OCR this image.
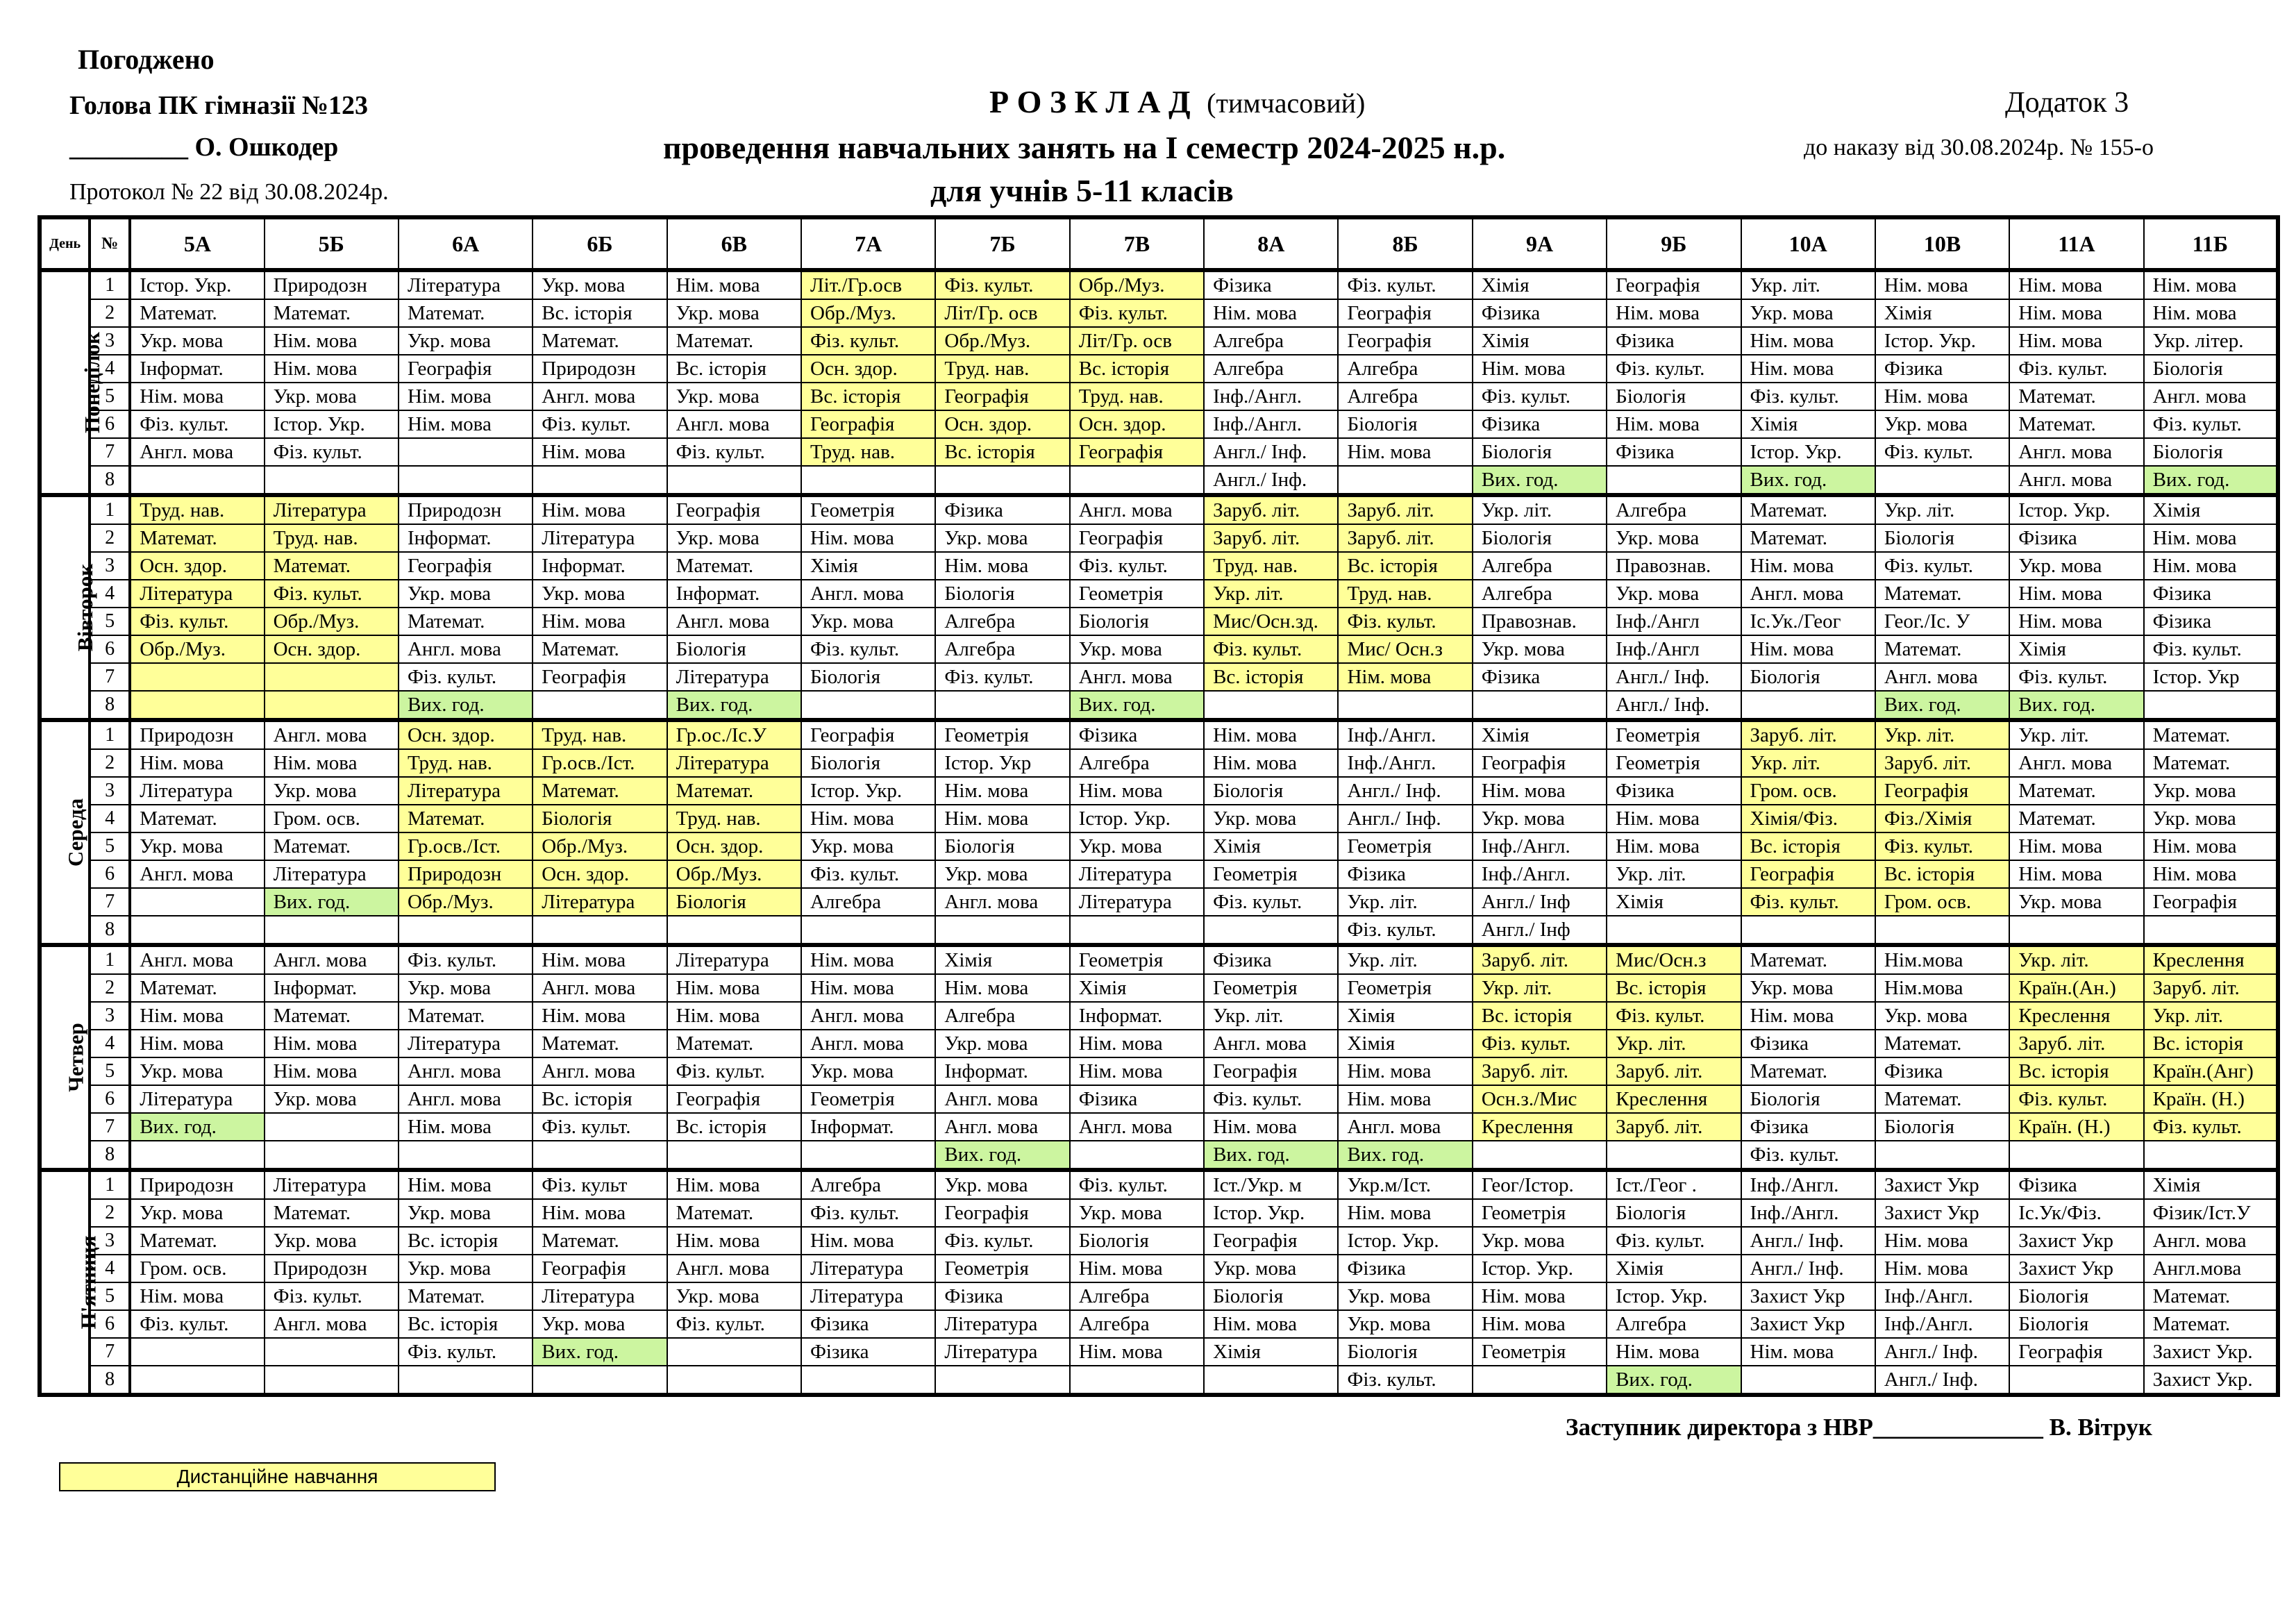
Погоджено
Голова ПК гімназії №123
_________ О. Ошкодер
Протокол № 22 від 30.08.2024р.
Р О З К Л А Д (тимчасовий)
проведення навчальних занять на І семестр 2024-2025 н.р.
для учнів 5-11 класів
Додаток 3
до наказу від 30.08.2024р. № 155-о
День	№	5А	5Б	6А	6Б	6В	7А	7Б	7В	8А	8Б	9А	9Б	10А	10В	11А	11Б
Понеділок	1	Істор. Укр.	Природозн	Література	Укр. мова	Нім. мова	Літ./Гр.осв	Фіз. культ.	Обр./Муз.	Фізика	Фіз. культ.	Хімія	Географія	Укр. літ.	Нім. мова	Нім. мова	Нім. мова
	2	Математ.	Математ.	Математ.	Вс. історія	Укр. мова	Обр./Муз.	Літ/Гр. осв	Фіз. культ.	Нім. мова	Географія	Фізика	Нім. мова	Укр. мова	Хімія	Нім. мова	Нім. мова
	3	Укр. мова	Нім. мова	Укр. мова	Математ.	Математ.	Фіз. культ.	Обр./Муз.	Літ/Гр. осв	Алгебра	Географія	Хімія	Фізика	Нім. мова	Істор. Укр.	Нім. мова	Укр. літер.
	4	Інформат.	Нім. мова	Географія	Природозн	Вс. історія	Осн. здор.	Труд. нав.	Вс. історія	Алгебра	Алгебра	Нім. мова	Фіз. культ.	Нім. мова	Фізика	Фіз. культ.	Біологія
	5	Нім. мова	Укр. мова	Нім. мова	Англ. мова	Укр. мова	Вс. історія	Географія	Труд. нав.	Інф./Англ.	Алгебра	Фіз. культ.	Біологія	Фіз. культ.	Нім. мова	Математ.	Англ. мова
	6	Фіз. культ.	Істор. Укр.	Нім. мова	Фіз. культ.	Англ. мова	Географія	Осн. здор.	Осн. здор.	Інф./Англ.	Біологія	Фізика	Нім. мова	Хімія	Укр. мова	Математ.	Фіз. культ.
	7	Англ. мова	Фіз. культ.		Нім. мова	Фіз. культ.	Труд. нав.	Вс. історія	Географія	Англ./ Інф.	Нім. мова	Біологія	Фізика	Істор. Укр.	Фіз. культ.	Англ. мова	Біологія
	8									Англ./ Інф.		Вих. год.		Вих. год.		Англ. мова	Вих. год.
Вівторок	1	Труд. нав.	Література	Природозн	Нім. мова	Географія	Геометрія	Фізика	Англ. мова	Заруб. літ.	Заруб. літ.	Укр. літ.	Алгебра	Математ.	Укр. літ.	Істор. Укр.	Хімія
	2	Математ.	Труд. нав.	Інформат.	Література	Укр. мова	Нім. мова	Укр. мова	Географія	Заруб. літ.	Заруб. літ.	Біологія	Укр. мова	Математ.	Біологія	Фізика	Нім. мова
	3	Осн. здор.	Математ.	Географія	Інформат.	Математ.	Хімія	Нім. мова	Фіз. культ.	Труд. нав.	Вс. історія	Алгебра	Правознав.	Нім. мова	Фіз. культ.	Укр. мова	Нім. мова
	4	Література	Фіз. культ.	Укр. мова	Укр. мова	Інформат.	Англ. мова	Біологія	Геометрія	Укр. літ.	Труд. нав.	Алгебра	Укр. мова	Англ. мова	Математ.	Нім. мова	Фізика
	5	Фіз. культ.	Обр./Муз.	Математ.	Нім. мова	Англ. мова	Укр. мова	Алгебра	Біологія	Мис/Осн.зд.	Фіз. культ.	Правознав.	Інф./Англ	Іс.Ук./Геог	Геог./Іс. У	Нім. мова	Фізика
	6	Обр./Муз.	Осн. здор.	Англ. мова	Математ.	Біологія	Фіз. культ.	Алгебра	Укр. мова	Фіз. культ.	Мис/ Осн.з	Укр. мова	Інф./Англ	Нім. мова	Математ.	Хімія	Фіз. культ.
	7			Фіз. культ.	Географія	Література	Біологія	Фіз. культ.	Англ. мова	Вс. історія	Нім. мова	Фізика	Англ./ Інф.	Біологія	Англ. мова	Фіз. культ.	Істор. Укр
	8			Вих. год.		Вих. год.			Вих. год.				Англ./ Інф.		Вих. год.	Вих. год.	
Середа	1	Природозн	Англ. мова	Осн. здор.	Труд. нав.	Гр.ос./Іс.У	Географія	Геометрія	Фізика	Нім. мова	Інф./Англ.	Хімія	Геометрія	Заруб. літ.	Укр. літ.	Укр. літ.	Математ.
	2	Нім. мова	Нім. мова	Труд. нав.	Гр.осв./Іст.	Література	Біологія	Істор. Укр	Алгебра	Нім. мова	Інф./Англ.	Географія	Геометрія	Укр. літ.	Заруб. літ.	Англ. мова	Математ.
	3	Література	Укр. мова	Література	Математ.	Математ.	Істор. Укр.	Нім. мова	Нім. мова	Біологія	Англ./ Інф.	Нім. мова	Фізика	Гром. осв.	Географія	Математ.	Укр. мова
	4	Математ.	Гром. осв.	Математ.	Біологія	Труд. нав.	Нім. мова	Нім. мова	Істор. Укр.	Укр. мова	Англ./ Інф.	Укр. мова	Нім. мова	Хімія/Фіз.	Фіз./Хімія	Математ.	Укр. мова
	5	Укр. мова	Математ.	Гр.осв./Іст.	Обр./Муз.	Осн. здор.	Укр. мова	Біологія	Укр. мова	Хімія	Геометрія	Інф./Англ.	Нім. мова	Вс. історія	Фіз. культ.	Нім. мова	Нім. мова
	6	Англ. мова	Література	Природозн	Осн. здор.	Обр./Муз.	Фіз. культ.	Укр. мова	Література	Геометрія	Фізика	Інф./Англ.	Укр. літ.	Географія	Вс. історія	Нім. мова	Нім. мова
	7		Вих. год.	Обр./Муз.	Література	Біологія	Алгебра	Англ. мова	Література	Фіз. культ.	Укр. літ.	Англ./ Інф	Хімія	Фіз. культ.	Гром. осв.	Укр. мова	Географія
	8										Фіз. культ.	Англ./ Інф					
Четвер	1	Англ. мова	Англ. мова	Фіз. культ.	Нім. мова	Література	Нім. мова	Хімія	Геометрія	Фізика	Укр. літ.	Заруб. літ.	Мис/Осн.з	Математ.	Нім.мова	Укр. літ.	Креслення
	2	Математ.	Інформат.	Укр. мова	Англ. мова	Нім. мова	Нім. мова	Нім. мова	Хімія	Геометрія	Геометрія	Укр. літ.	Вс. історія	Укр. мова	Нім.мова	Країн.(Ан.)	Заруб. літ.
	3	Нім. мова	Математ.	Математ.	Нім. мова	Нім. мова	Англ. мова	Алгебра	Інформат.	Укр. літ.	Хімія	Вс. історія	Фіз. культ.	Нім. мова	Укр. мова	Креслення	Укр. літ.
	4	Нім. мова	Нім. мова	Література	Математ.	Математ.	Англ. мова	Укр. мова	Нім. мова	Англ. мова	Хімія	Фіз. культ.	Укр. літ.	Фізика	Математ.	Заруб. літ.	Вс. історія
	5	Укр. мова	Нім. мова	Англ. мова	Англ. мова	Фіз. культ.	Укр. мова	Інформат.	Нім. мова	Географія	Нім. мова	Заруб. літ.	Заруб. літ.	Математ.	Фізика	Вс. історія	Країн.(Анг)
	6	Література	Укр. мова	Англ. мова	Вс. історія	Географія	Геометрія	Англ. мова	Фізика	Фіз. культ.	Нім. мова	Осн.з./Мис	Креслення	Біологія	Математ.	Фіз. культ.	Країн. (Н.)
	7	Вих. год.		Нім. мова	Фіз. культ.	Вс. історія	Інформат.	Англ. мова	Англ. мова	Нім. мова	Англ. мова	Креслення	Заруб. літ.	Фізика	Біологія	Країн. (Н.)	Фіз. культ.
	8							Вих. год.		Вих. год.	Вих. год.			Фіз. культ.			
П'ятниця	1	Природозн	Література	Нім. мова	Фіз. культ	Нім. мова	Алгебра	Укр. мова	Фіз. культ.	Іст./Укр. м	Укр.м/Іст.	Геог/Істор.	Іст./Геог .	Інф./Англ.	Захист Укр	Фізика	Хімія
	2	Укр. мова	Математ.	Укр. мова	Нім. мова	Математ.	Фіз. культ.	Географія	Укр. мова	Істор. Укр.	Нім. мова	Геометрія	Біологія	Інф./Англ.	Захист Укр	Іс.Ук/Фіз.	Фізик/Іст.У
	3	Математ.	Укр. мова	Вс. історія	Математ.	Нім. мова	Нім. мова	Фіз. культ.	Біологія	Географія	Істор. Укр.	Укр. мова	Фіз. культ.	Англ./ Інф.	Нім. мова	Захист Укр	Англ. мова
	4	Гром. осв.	Природозн	Укр. мова	Географія	Англ. мова	Література	Геометрія	Нім. мова	Укр. мова	Фізика	Істор. Укр.	Хімія	Англ./ Інф.	Нім. мова	Захист Укр	Англ.мова
	5	Нім. мова	Фіз. культ.	Математ.	Література	Укр. мова	Література	Фізика	Алгебра	Біологія	Укр. мова	Нім. мова	Істор. Укр.	Захист Укр	Інф./Англ.	Біологія	Математ.
	6	Фіз. культ.	Англ. мова	Вс. історія	Укр. мова	Фіз. культ.	Фізика	Література	Алгебра	Нім. мова	Укр. мова	Нім. мова	Алгебра	Захист Укр	Інф./Англ.	Біологія	Математ.
	7			Фіз. культ.	Вих. год.		Фізика	Література	Нім. мова	Хімія	Біологія	Геометрія	Нім. мова	Нім. мова	Англ./ Інф.	Географія	Захист Укр.
	8										Фіз. культ.		Вих. год.		Англ./ Інф.		Захист Укр.
Заступник директора з НВР______________ В. Вітрук
Дистанційне навчання
